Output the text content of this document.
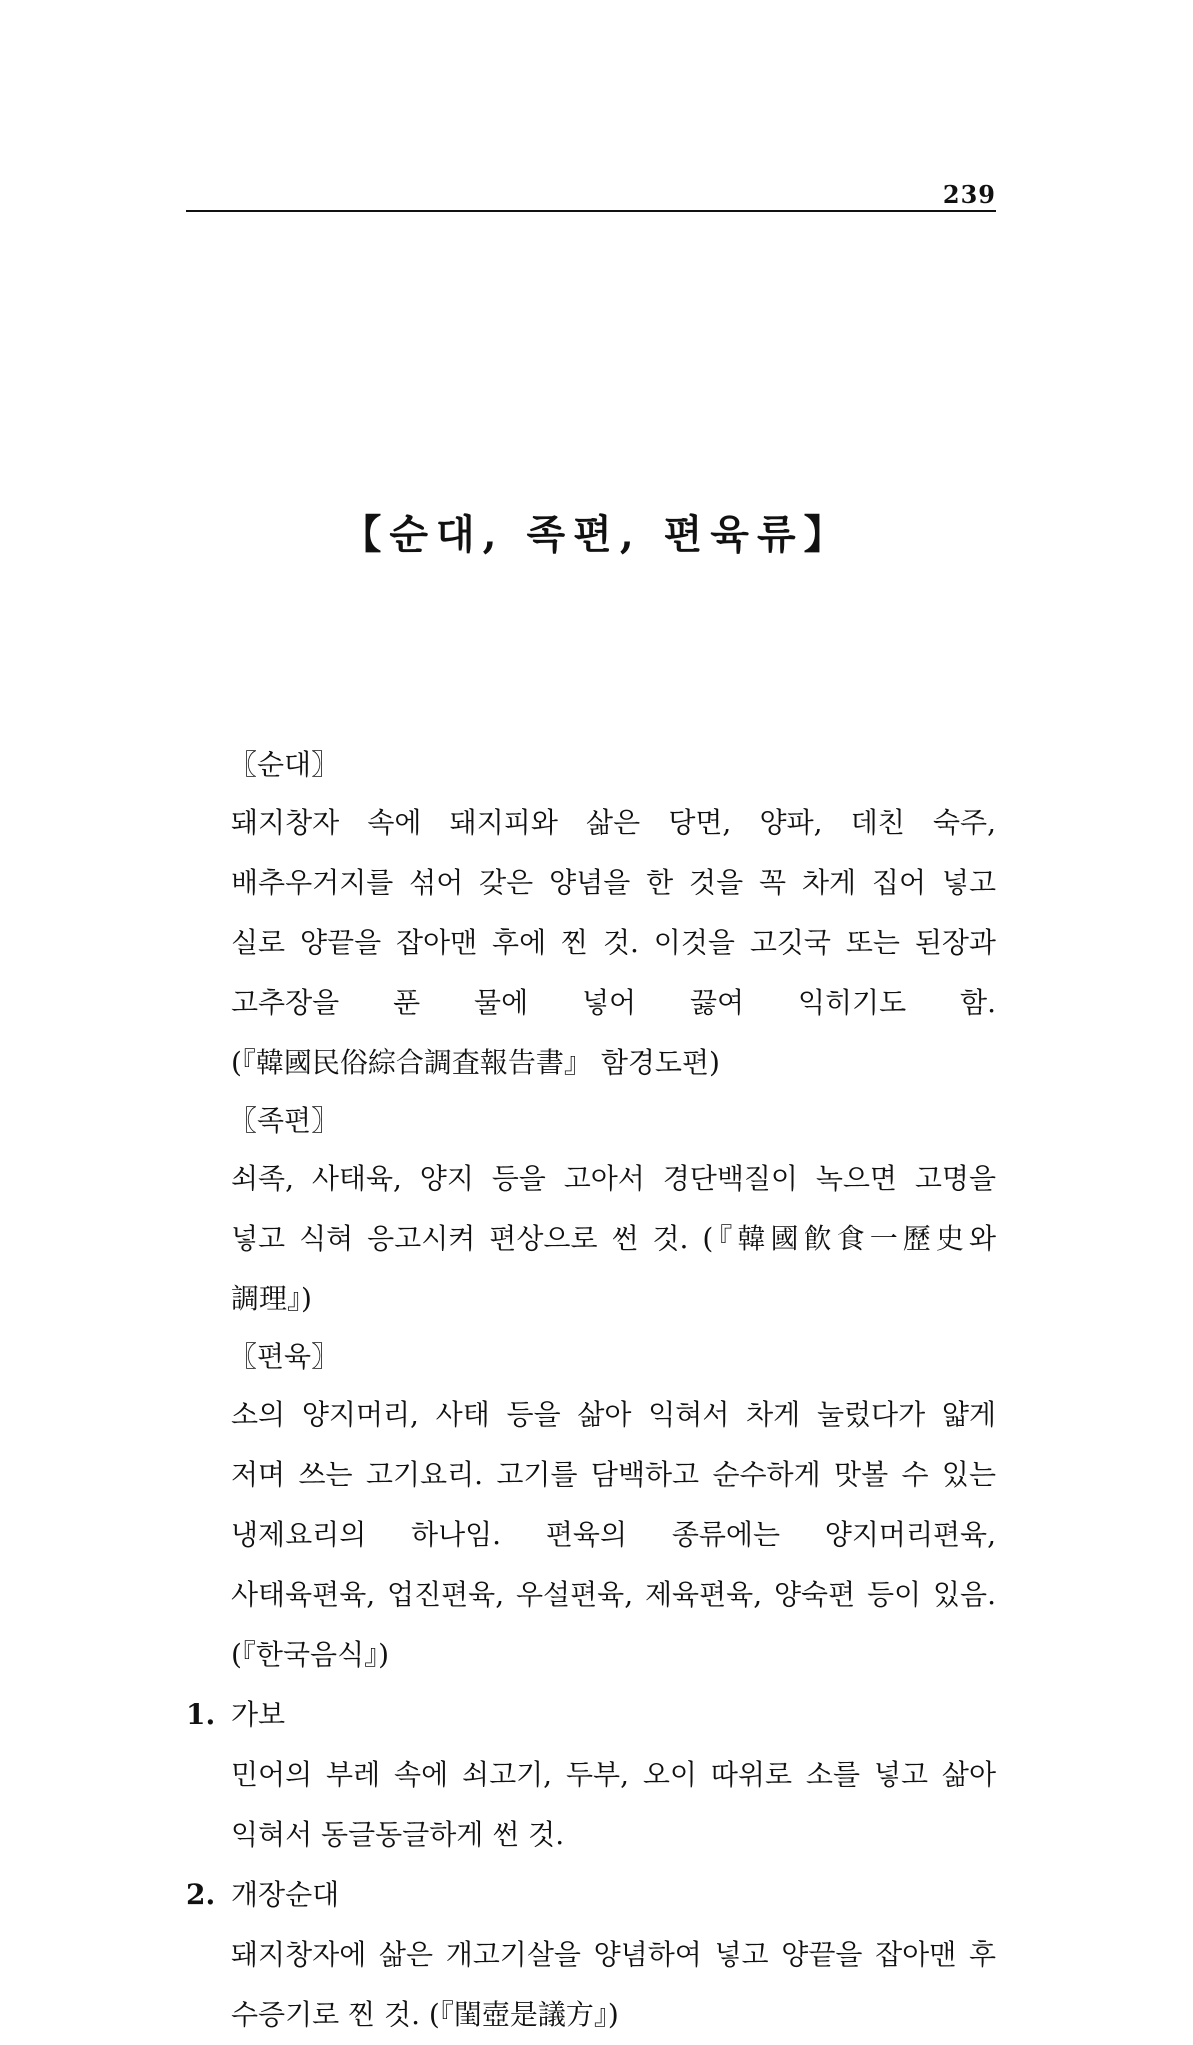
239
【순대, 족편, 편육류】
〖순대〗

돼지창자 속에 돼지피와 삶은 당면, 양파, 데친 숙주, 배추우거지를 섞어 갖은 양념을 한 것을 꼭 차게 집어 넣고 실로 양끝을 잡아맨 후에 찐 것. 이것을 고깃국 또는 된장과 고추장을 푼 물에 넣어 끓여 익히기도 함. (『韓國民俗綜合調査報告書』 함경도편)

〖족편〗

쇠족, 사태육, 양지 등을 고아서 경단백질이 녹으면 고명을 넣고 식혀 응고시켜 편상으로 썬 것. (『韓國飮食一歷史와 調理』)

〖편육〗

소의 양지머리, 사태 등을 삶아 익혀서 차게 눌렀다가 얇게 저며 쓰는 고기요리. 고기를 담백하고 순수하게 맛볼 수 있는 냉제요리의 하나임. 편육의 종류에는 양지머리편육, 사태육편육, 업진편육, 우설편육, 제육편육, 양숙편 등이 있음. (『한국음식』)

1. 가보

민어의 부레 속에 쇠고기, 두부, 오이 따위로 소를 넣고 삶아 익혀서 동글동글하게 썬 것.

2. 개장순대

돼지창자에 삶은 개고기살을 양념하여 넣고 양끝을 잡아맨 후 수증기로 찐 것. (『閨壺是議方』)
